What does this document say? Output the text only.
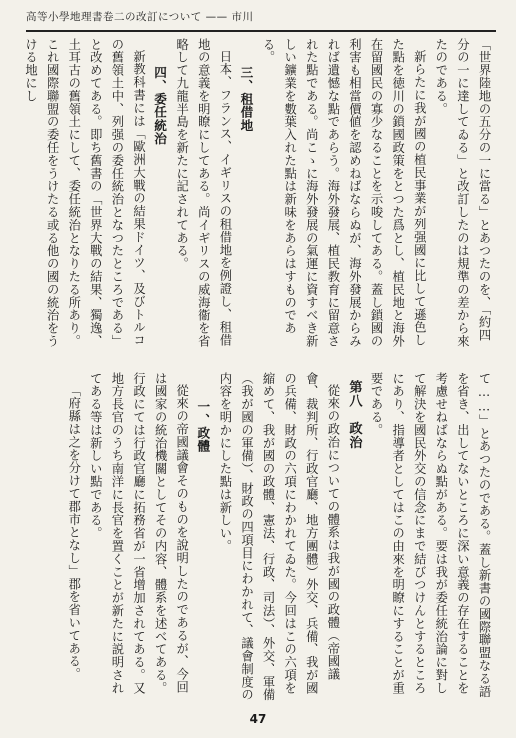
高等小學地理書卷二の改訂について —— 市川

「世界陸地の五分の一に當る」とあつたのを、「約四分の一に達してゐる」と改訂したのは規準の差から來たのである。

新らたに我が國の植民事業が列强國に比して遜色した點を徳川の鎖國政策をとつた爲とし、植民地と海外在留國民の寡少なることを示唆してある。蓋し鎖國の利害も相當價値を認めねばならぬが、海外發展からみれば遺憾な點であらう。海外發展、植民教育に留意された點である。尚こゝに海外發展の氣運に資すべき新しい鑛業を數葉入れた點は新味をあらはすものである。

三、租借地

日本、フランス、イギリスの租借地を例證し、租借地の意義を明瞭にしてある。尚イギリスの威海衞を省略して九龍半島を新たに記されてある。

四、委任統治

新教科書には「歐洲大戰の結果ドイツ、及びトルコの舊領土中、列强の委任統治となつたところである」と改めてある。即ち舊書の「世界大戰の結果、獨逸、土耳古の舊領土にして、委任統治となりたる所あり。これ國際聯盟の委任をうけたる或る他の國の統治をうける地にし

て……」とあつたのである。蓋し新書の國際聯盟なる語を省き、出してないところに深い意義の存在することを考慮せねばならぬ點がある。要は我が委任統治論に對して解決を國民外交の信念にまで結びつけんとするところにあり、指導者としてはこの由來を明瞭にすることが重要である。

第八　政治

從來の政治についての體系は我が國の政體（帝國議會、裁判所、行政官廳、地方團體）外交、兵備、我が國の兵備、財政の六項にわかれてゐた。今回はこの六項を縮めて、我が國の政體、憲法、行政、司法）、外交、軍備（我が國の軍備）、財政の四項目にわかれて、議會制度の内容を明かにした點は新しい。

一、政體

從來の帝國議會そのものを說明したのであるが、今回は國家の統治機關としてその内容、體系を述べてある。行政にては行政官廳に拓務省が一省增加されてある。又地方長官のうち南洋に長官を置くことが新たに説明されてある等は新しい點である。

「府縣は之を分けて郡市となし」郡を省いてある。

47
